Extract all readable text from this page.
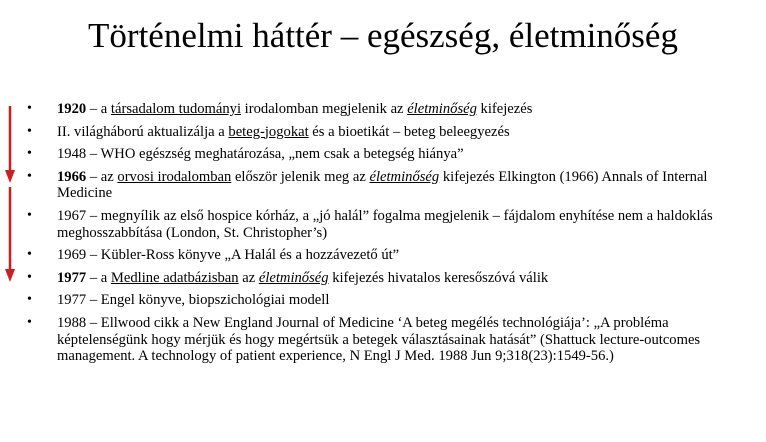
Történelmi háttér – egészség, életminőség
• 1920 – a társadalom tudományi irodalomban megjelenik az életminőség kifejezés
• II. világháború aktualizálja a beteg-jogokat és a bioetikát – beteg beleegyezés
• 1948 – WHO egészség meghatározása, „nem csak a betegség hiánya”
• 1966 – az orvosi irodalomban először jelenik meg az életminőség kifejezés Elkington (1966) Annals of Internal Medicine
• 1967 – megnyílik az első hospice kórház, a „jó halál” fogalma megjelenik – fájdalom enyhítése nem a haldoklás meghosszabbítása (London, St. Christopher’s)
• 1969 – Kübler-Ross könyve „A Halál és a hozzávezető út”
• 1977 – a Medline adatbázisban az életminőség kifejezés hivatalos keresőszóvá válik
• 1977 – Engel könyve, biopszichológiai modell
• 1988 – Ellwood cikk a New England Journal of Medicine ‘A beteg megélés technológiája’: „A probléma képtelenségünk hogy mérjük és hogy megértsük a betegek választásainak hatását” (Shattuck lecture-outcomes management. A technology of patient experience, N Engl J Med. 1988 Jun 9;318(23):1549-56.)
